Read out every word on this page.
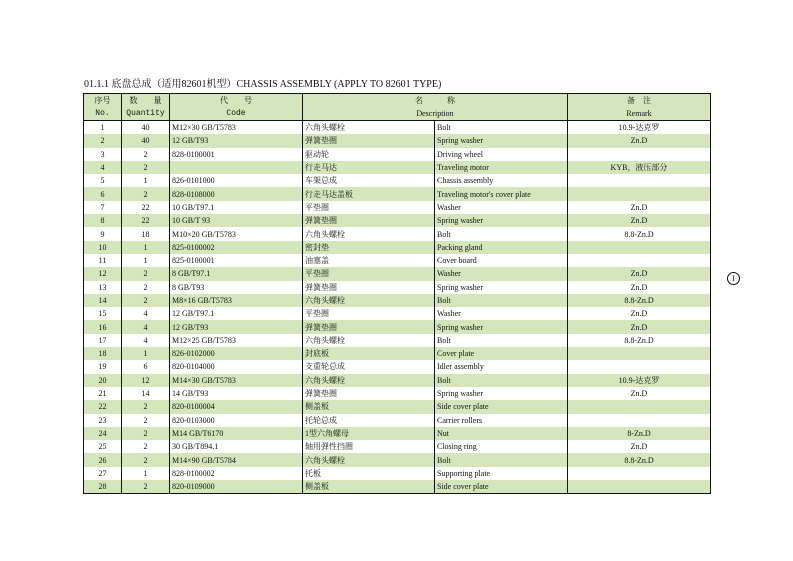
01.1.1 底盘总成（适用82601机型）CHASSIS ASSEMBLY (APPLY TO 82601 TYPE)
序号	数　　量	代　　号	名　　　称		备　注
No.	Quantity	Code	Description		Remark
1	40	M12×30 GB/T5783	六角头螺栓	Bolt	10.9-达克罗
2	40	12 GB/T93	弹簧垫圈	Spring washer	Zn.D
3	2	828-0100001	驱动轮	Driving wheel	
4	2		行走马达	Traveling motor	KYB，液压部分
5	1	826-0101000	车架总成	Chassis assembly	
6	2	828-0108000	行走马达盖板	Traveling motor's cover plate	
7	22	10 GB/T97.1	平垫圈	Washer	Zn.D
8	22	10 GB/T 93	弹簧垫圈	Spring washer	Zn.D
9	18	M10×20 GB/T5783	六角头螺栓	Bolt	8.8-Zn.D
10	1	825-0100002	密封垫	Packing gland	
11	1	825-0100001	油塞盖	Cover board	
12	2	8 GB/T97.1	平垫圈	Washer	Zn.D
13	2	8 GB/T93	弹簧垫圈	Spring washer	Zn.D
14	2	M8×16 GB/T5783	六角头螺栓	Bolt	8.8-Zn.D
15	4	12 GB/T97.1	平垫圈	Washer	Zn.D
16	4	12 GB/T93	弹簧垫圈	Spring washer	Zn.D
17	4	M12×25 GB/T5783	六角头螺栓	Bolt	8.8-Zn.D
18	1	826-0102000	封底板	Cover plate	
19	6	820-0104000	支重轮总成	Idler assembly	
20	12	M14×30 GB/T5783	六角头螺栓	Bolt	10.9-达克罗
21	14	14 GB/T93	弹簧垫圈	Spring washer	Zn.D
22	2	820-0100004	侧盖板	Side cover plate	
23	2	820-0103000	托轮总成	Carrier rollers	
24	2	M14 GB/T6170	1型六角螺母	Nut	8-Zn.D
25	2	30 GB/T894.1	轴用弹性挡圈	Closing ring	Zn.D
26	2	M14×90 GB/T5784	六角头螺栓	Bolt	8.8-Zn.D
27	1	828-0100002	托板	Supporting plate	
28	2	820-0109000	侧盖板	Side cover plate	
I
